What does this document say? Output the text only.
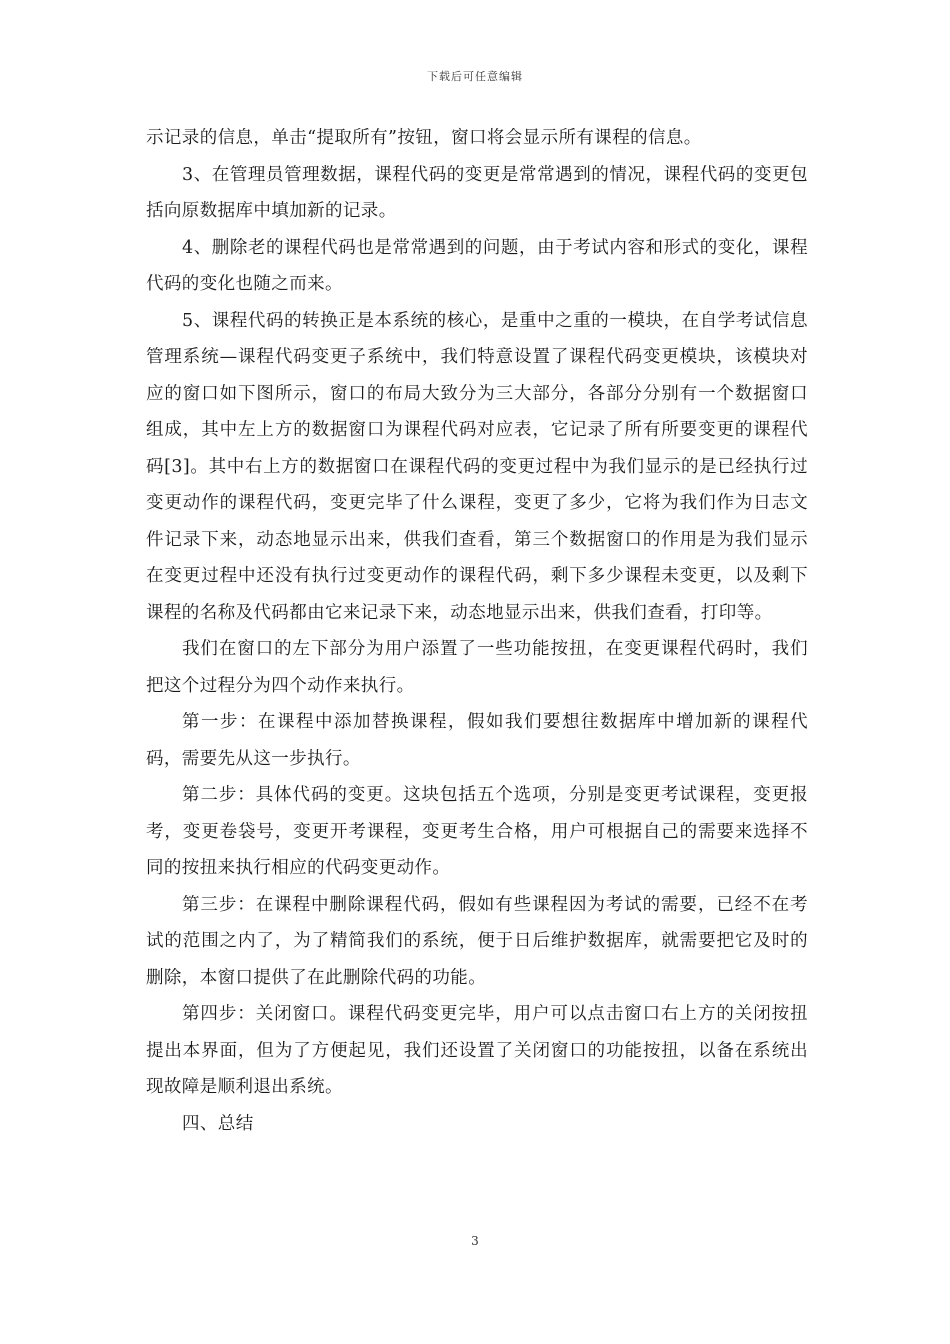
下载后可任意编辑

示记录的信息，单击“提取所有”按钮，窗口将会显示所有课程的信息。

3、在管理员管理数据，课程代码的变更是常常遇到的情况，课程代码的变更包括向原数据库中填加新的记录。

4、删除老的课程代码也是常常遇到的问题，由于考试内容和形式的变化，课程代码的变化也随之而来。

5、课程代码的转换正是本系统的核心，是重中之重的一模块，在自学考试信息管理系统—课程代码变更子系统中，我们特意设置了课程代码变更模块，该模块对应的窗口如下图所示，窗口的布局大致分为三大部分，各部分分别有一个数据窗口组成，其中左上方的数据窗口为课程代码对应表，它记录了所有所要变更的课程代码[3]。其中右上方的数据窗口在课程代码的变更过程中为我们显示的是已经执行过变更动作的课程代码，变更完毕了什么课程，变更了多少，它将为我们作为日志文件记录下来，动态地显示出来，供我们查看，第三个数据窗口的作用是为我们显示在变更过程中还没有执行过变更动作的课程代码，剩下多少课程未变更，以及剩下课程的名称及代码都由它来记录下来，动态地显示出来，供我们查看，打印等。

我们在窗口的左下部分为用户添置了一些功能按扭，在变更课程代码时，我们把这个过程分为四个动作来执行。

第一步：在课程中添加替换课程，假如我们要想往数据库中增加新的课程代码，需要先从这一步执行。

第二步：具体代码的变更。这块包括五个选项，分别是变更考试课程，变更报考，变更卷袋号，变更开考课程，变更考生合格，用户可根据自己的需要来选择不同的按扭来执行相应的代码变更动作。

第三步：在课程中删除课程代码，假如有些课程因为考试的需要，已经不在考试的范围之内了，为了精简我们的系统，便于日后维护数据库，就需要把它及时的删除，本窗口提供了在此删除代码的功能。

第四步：关闭窗口。课程代码变更完毕，用户可以点击窗口右上方的关闭按扭提出本界面，但为了方便起见，我们还设置了关闭窗口的功能按扭，以备在系统出现故障是顺利退出系统。

四、总结

3
